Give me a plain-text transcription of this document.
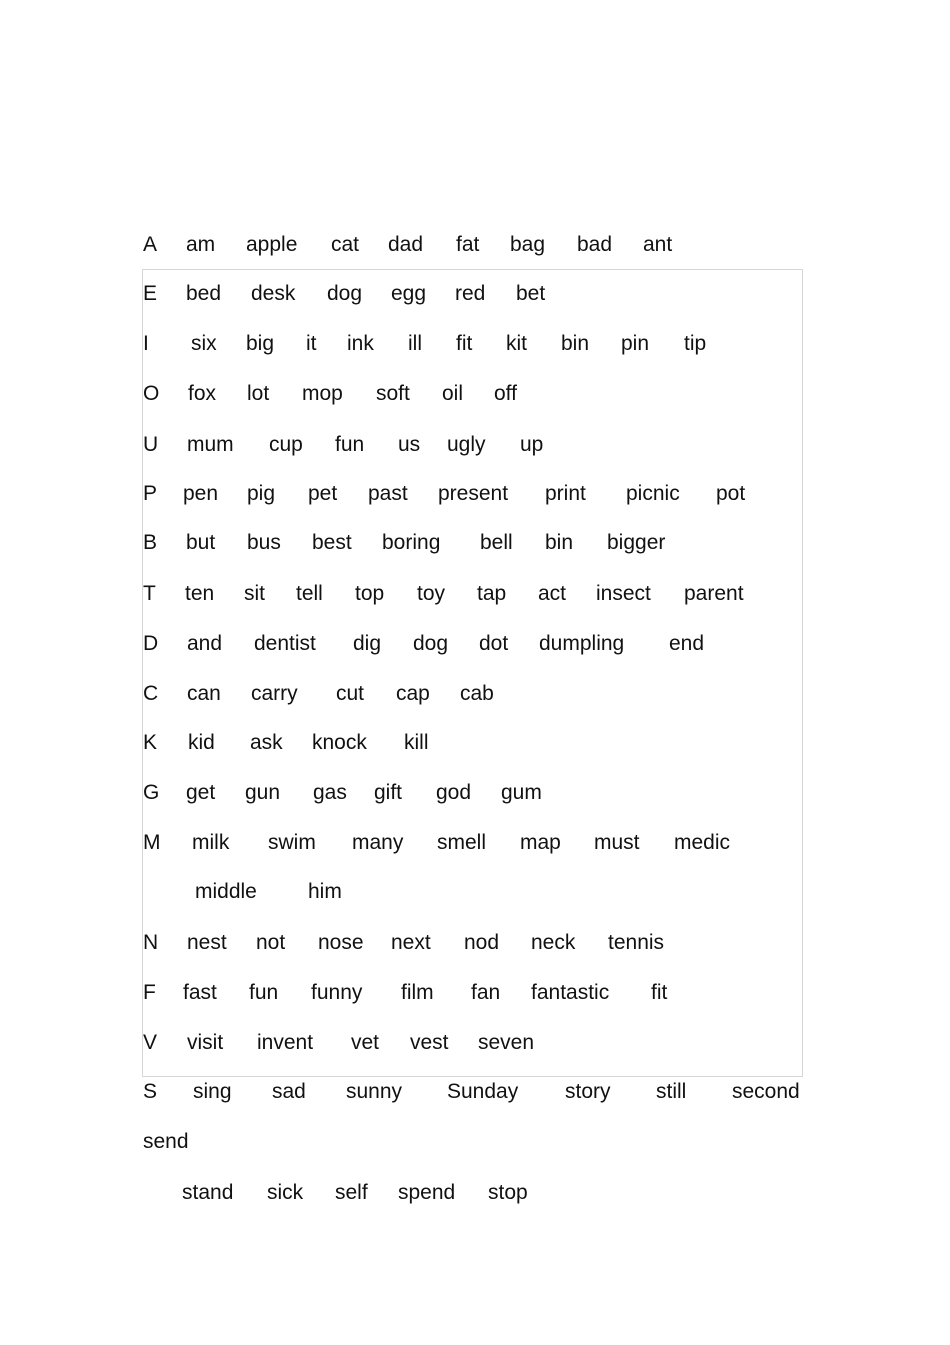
A am apple cat dad fat bag bad ant
E bed desk dog egg red bet
I six big it ink ill fit kit bin pin tip
O fox lot mop soft oil off
U mum cup fun us ugly up
P pen pig pet past present print picnic pot
B but bus best boring bell bin bigger
T ten sit tell top toy tap act insect parent
D and dentist dig dog dot dumpling end
C can carry cut cap cab
K kid ask knock kill
G get gun gas gift god gum
M milk swim many smell map must medic
middle him
N nest not nose next nod neck tennis
F fast fun funny film fan fantastic fit
V visit invent vet vest seven
S sing sad sunny Sunday story still second
send
stand sick self spend stop
